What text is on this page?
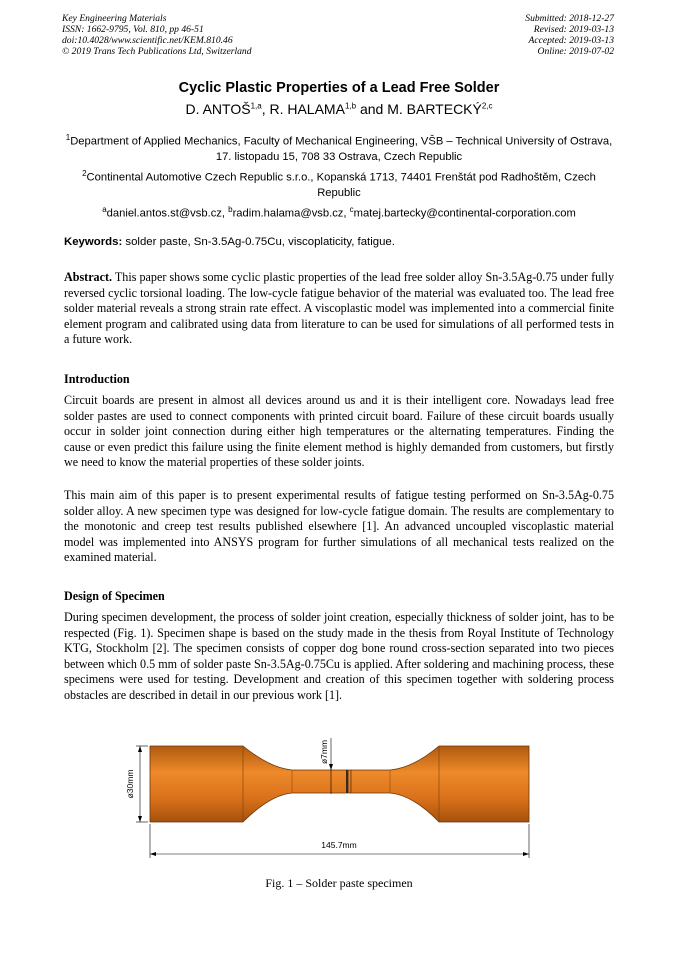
Key Engineering Materials
ISSN: 1662-9795, Vol. 810, pp 46-51
doi:10.4028/www.scientific.net/KEM.810.46
© 2019 Trans Tech Publications Ltd, Switzerland
Submitted: 2018-12-27
Revised: 2019-03-13
Accepted: 2019-03-13
Online: 2019-07-02
Cyclic Plastic Properties of a Lead Free Solder
D. ANTOŠ$^{1,a}$, R. HALAMA$^{1,b}$ and M. BARTECKÝ$^{2,c}$
$^1$Department of Applied Mechanics, Faculty of Mechanical Engineering, VŠB – Technical University of Ostrava, 17. listopadu 15, 708 33 Ostrava, Czech Republic
$^2$Continental Automotive Czech Republic s.r.o., Kopanská 1713, 74401 Frenštát pod Radhoštěm, Czech Republic
$^a$daniel.antos.st@vsb.cz, $^b$radim.halama@vsb.cz, $^c$matej.bartecky@continental-corporation.com
Keywords: solder paste, Sn-3.5Ag-0.75Cu, viscoplaticity, fatigue.
Abstract. This paper shows some cyclic plastic properties of the lead free solder alloy Sn-3.5Ag-0.75 under fully reversed cyclic torsional loading. The low-cycle fatigue behavior of the material was evaluated too. The lead free solder material reveals a strong strain rate effect. A viscoplastic model was implemented into a commercial finite element program and calibrated using data from literature to can be used for simulations of all performed tests in a future work.
Introduction
Circuit boards are present in almost all devices around us and it is their intelligent core. Nowadays lead free solder pastes are used to connect components with printed circuit board. Failure of these circuit boards usually occur in solder joint connection during either high temperatures or the alternating temperatures. Finding the cause or even predict this failure using the finite element method is highly demanded from customers, but firstly we need to know the material properties of these solder joints.
This main aim of this paper is to present experimental results of fatigue testing performed on Sn-3.5Ag-0.75 solder alloy. A new specimen type was designed for low-cycle fatigue domain. The results are complementary to the monotonic and creep test results published elsewhere [1]. An advanced uncoupled viscoplastic material model was implemented into ANSYS program for further simulations of all mechanical tests realized on the examined material.
Design of Specimen
During specimen development, the process of solder joint creation, especially thickness of solder joint, has to be respected (Fig. 1). Specimen shape is based on the study made in the thesis from Royal Institute of Technology KTG, Stockholm [2]. The specimen consists of copper dog bone round cross-section separated into two pieces between which 0.5 mm of solder paste Sn-3.5Ag-0.75Cu is applied. After soldering and machining process, these specimens were used for testing. Development and creation of this specimen together with soldering process obstacles are described in detail in our previous work [1].
ø30mm
ø7mm
145.7mm
Fig. 1 – Solder paste specimen
